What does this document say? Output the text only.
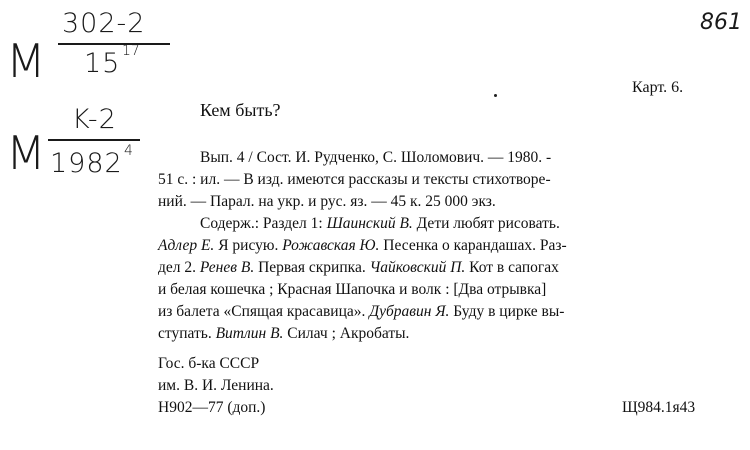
861
M
302-2
15 17
M
K-2
1982 4
Карт. 6.
Кем быть?
Вып. 4 / Сост. И. Рудченко, С. Шоломович. — 1980. -
51 с. : ил. — В изд. имеются рассказы и тексты стихотворе-
ний. — Парал. на укр. и рус. яз. — 45 к. 25 000 экз.
Содерж.: Раздел 1: Шаинский В. Дети любят рисовать.
Адлер Е. Я рисую. Рожавская Ю. Песенка о карандашах. Раз-
дел 2. Ренев В. Первая скрипка. Чайковский П. Кот в сапогах
и белая кошечка ; Красная Шапочка и волк : [Два отрывка]
из балета «Спящая красавица». Дубравин Я. Буду в цирке вы-
ступать. Витлин В. Силач ; Акробаты.
Гос. б-ка СССР
им. В. И. Ленина.
Н902—77 (доп.)	Щ984.1я43
